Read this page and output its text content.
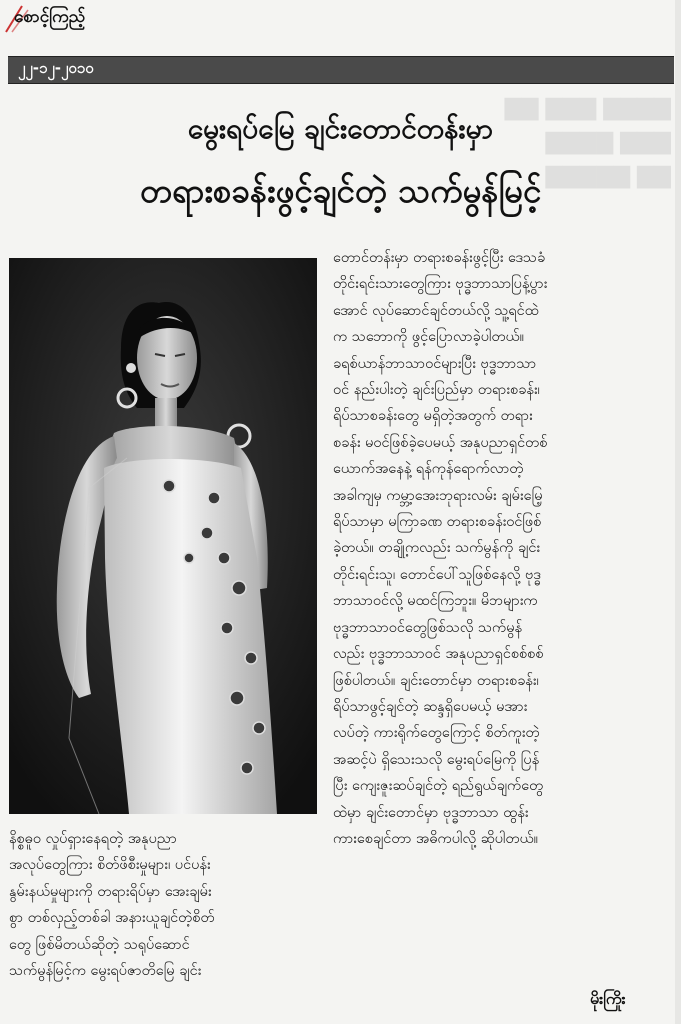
စောင့်ကြည့်
၂၂-၁၂-၂၀၁၀
▇▇ ▇▇▇ ▇▇▇▇
▇▇▇▇ ▇▇▇
▇▇▇▇▇ ▇▇
မွေးရပ်မြေ ချင်းတောင်တန်းမှာ
တရားစခန်းဖွင့်ချင်တဲ့ သက်မွန်မြင့်
တောင်တန်းမှာ တရားစခန်းဖွင့်ပြီး ဒေသခံ
တိုင်းရင်းသားတွေကြား ဗုဒ္ဓဘာသာပြန့်ပွား
အောင် လုပ်ဆောင်ချင်တယ်လို့ သူ့ရင်ထဲ
က သဘောကို ဖွင့်ပြောလာခဲ့ပါတယ်။
ခရစ်ယာန်ဘာသာဝင်များပြီး ဗုဒ္ဓဘာသာ
ဝင် နည်းပါးတဲ့ ချင်းပြည်မှာ တရားစခန်း၊
ရိပ်သာစခန်းတွေ မရှိတဲ့အတွက် တရား
စခန်း မဝင်ဖြစ်ခဲ့ပေမယ့် အနုပညာရှင်တစ်
ယောက်အနေနဲ့ ရန်ကုန်ရောက်လာတဲ့
အခါကျမှ ကမ္ဘာ့အေးဘုရားလမ်း ချမ်းမြေ့
ရိပ်သာမှာ မကြာခဏ တရားစခန်းဝင်ဖြစ်
ခဲ့တယ်။ တချို့ကလည်း သက်မွန်ကို ချင်း
တိုင်းရင်းသူ၊ တောင်ပေါ်သူဖြစ်နေလို့ ဗုဒ္ဓ
ဘာသာဝင်လို့ မထင်ကြဘူး။ မိဘများက
ဗုဒ္ဓဘာသာဝင်တွေဖြစ်သလို သက်မွန်
လည်း ဗုဒ္ဓဘာသာဝင် အနုပညာရှင်စစ်စစ်
ဖြစ်ပါတယ်။ ချင်းတောင်မှာ တရားစခန်း၊
ရိပ်သာဖွင့်ချင်တဲ့ ဆန္ဒရှိပေမယ့် မအား
လပ်တဲ့ ကားရိုက်တွေကြောင့် စိတ်ကူးတဲ့
အဆင့်ပဲ ရှိသေးသလို မွေးရပ်မြေကို ပြန်
ပြီး ကျေးဇူးဆပ်ချင်တဲ့ ရည်ရွယ်ချက်တွေ
ထဲမှာ ချင်းတောင်မှာ ဗုဒ္ဓဘာသာ ထွန်း
ကားစေချင်တာ အဓိကပါလို့ ဆိုပါတယ်။
နိစ္စဓူဝ လှုပ်ရှားနေရတဲ့ အနုပညာ
အလုပ်တွေကြား စိတ်ဖိစီးမှုများ၊ ပင်ပန်း
နွမ်းနယ်မှုများကို တရားရိပ်မှာ အေးချမ်း
စွာ တစ်လှည့်တစ်ခါ အနားယူချင်တဲ့စိတ်
တွေ ဖြစ်မိတယ်ဆိုတဲ့ သရုပ်ဆောင်
သက်မွန်မြင့်က မွေးရပ်ဇာတိမြေ ချင်း
မိုးကြိုး
